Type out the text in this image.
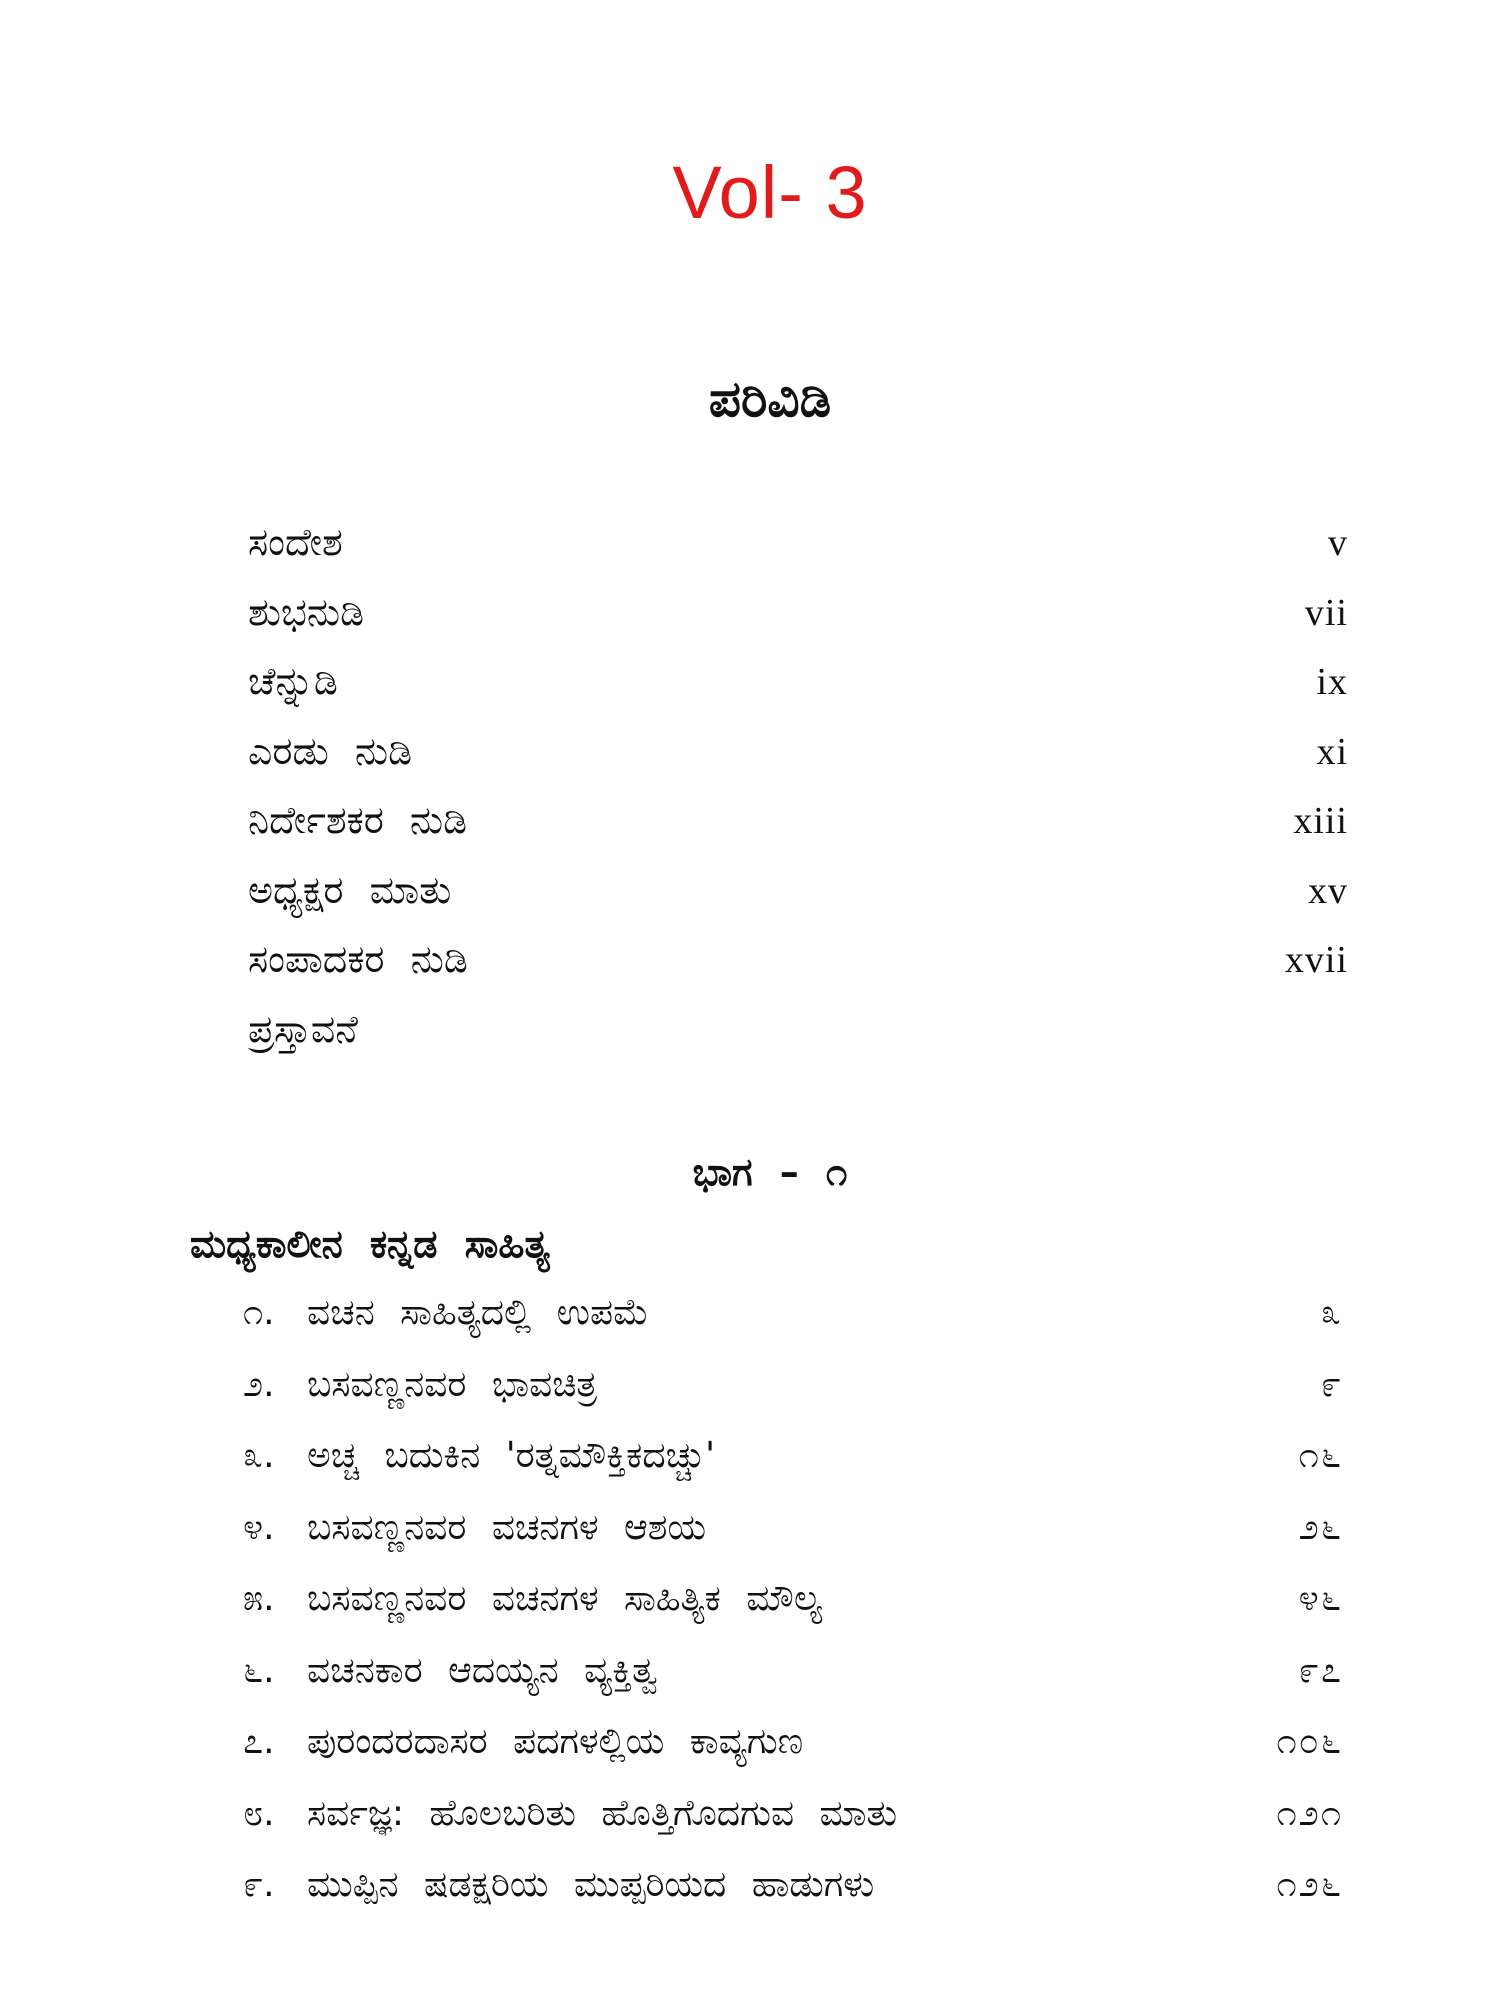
Vol- 3
ಪರಿವಿಡಿ
ಸಂದೇಶ	v
ಶುಭನುಡಿ	vii
ಚೆನ್ನುಡಿ	ix
ಎರಡು ನುಡಿ	xi
ನಿರ್ದೇಶಕರ ನುಡಿ	xiii
ಅಧ್ಯಕ್ಷರ ಮಾತು	xv
ಸಂಪಾದಕರ ನುಡಿ	xvii
ಪ್ರಸ್ತಾವನೆ
ಭಾಗ – ೧
ಮಧ್ಯಕಾಲೀನ ಕನ್ನಡ ಸಾಹಿತ್ಯ
೧. ವಚನ ಸಾಹಿತ್ಯದಲ್ಲಿ ಉಪಮೆ	೩
೨. ಬಸವಣ್ಣನವರ ಭಾವಚಿತ್ರ	೯
೩. ಅಚ್ಚ ಬದುಕಿನ 'ರತ್ನಮೌಕ್ತಿಕದಚ್ಚು'	೧೬
೪. ಬಸವಣ್ಣನವರ ವಚನಗಳ ಆಶಯ	೨೬
೫. ಬಸವಣ್ಣನವರ ವಚನಗಳ ಸಾಹಿತ್ಯಿಕ ಮೌಲ್ಯ	೪೬
೬. ವಚನಕಾರ ಆದಯ್ಯನ ವ್ಯಕ್ತಿತ್ವ	೯೭
೭. ಪುರಂದರದಾಸರ ಪದಗಳಲ್ಲಿಯ ಕಾವ್ಯಗುಣ	೧೦೬
೮. ಸರ್ವಜ್ಞ: ಹೊಲಬರಿತು ಹೊತ್ತಿಗೊದಗುವ ಮಾತು	೧೨೧
೯. ಮುಪ್ಪಿನ ಷಡಕ್ಷರಿಯ ಮುಪ್ಪರಿಯದ ಹಾಡುಗಳು	೧೨೬
